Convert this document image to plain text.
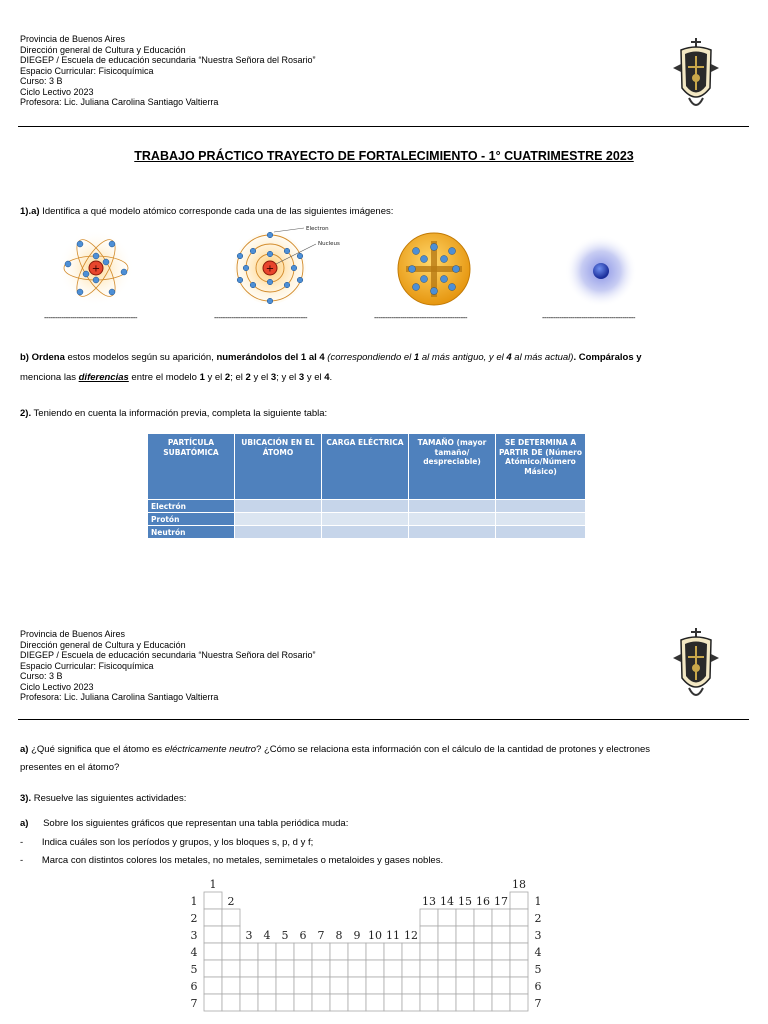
Provincia de Buenos Aires
Dirección general de Cultura y Educación
DIEGEP / Escuela de educación secundaria “Nuestra Señora del Rosario”
Espacio Curricular: Fisicoquímica
Curso: 3 B
Ciclo Lectivo 2023
Profesora: Lic. Juliana Carolina Santiago Valtierra
TRABAJO PRÁCTICO TRAYECTO DE FORTALECIMIENTO - 1° CUATRIMESTRE 2023
1).a) Identifica a qué modelo atómico corresponde cada una de las siguientes imágenes:
+
-------------------------------------------
+
Electron
Nucleus
-------------------------------------------	-------------------------------------------	-------------------------------------------
b) Ordena estos modelos según su aparición, numerándolos del 1 al 4 (correspondiendo el 1 al más antiguo, y el 4 al más actual). Compáralos y
menciona las diferencias entre el modelo 1 y el 2; el 2 y el 3; y el 3 y el 4.
2). Teniendo en cuenta la información previa, completa la siguiente tabla:
PARTÍCULA SUBATÓMICA	UBICACIÓN EN EL ÁTOMO	CARGA ELÉCTRICA	TAMAÑO (mayor tamaño/ despreciable)	SE DETERMINA A PARTIR DE (Número Atómico/Número Másico)
Electrón				
Protón				
Neutrón				
Provincia de Buenos Aires
Dirección general de Cultura y Educación
DIEGEP / Escuela de educación secundaria “Nuestra Señora del Rosario”
Espacio Curricular: Fisicoquímica
Curso: 3 B
Ciclo Lectivo 2023
Profesora: Lic. Juliana Carolina Santiago Valtierra
a) ¿Qué significa que el átomo es eléctricamente neutro? ¿Cómo se relaciona esta información con el cálculo de la cantidad de protones y electrones
presentes en el átomo?
3). Resuelve las siguientes actividades:
a) Sobre los siguientes gráficos que representan una tabla periódica muda:
- Indica cuáles son los períodos y grupos, y los bloques s, p, d y f;
- Marca con distintos colores los metales, no metales, semimetales o metaloides y gases nobles.
1	18
2	13 14 15 16 17
3 4 5 6 7 8 9 10 11 12
1	1
2	2
3	3
4	4
5	5
6	6
7	7
